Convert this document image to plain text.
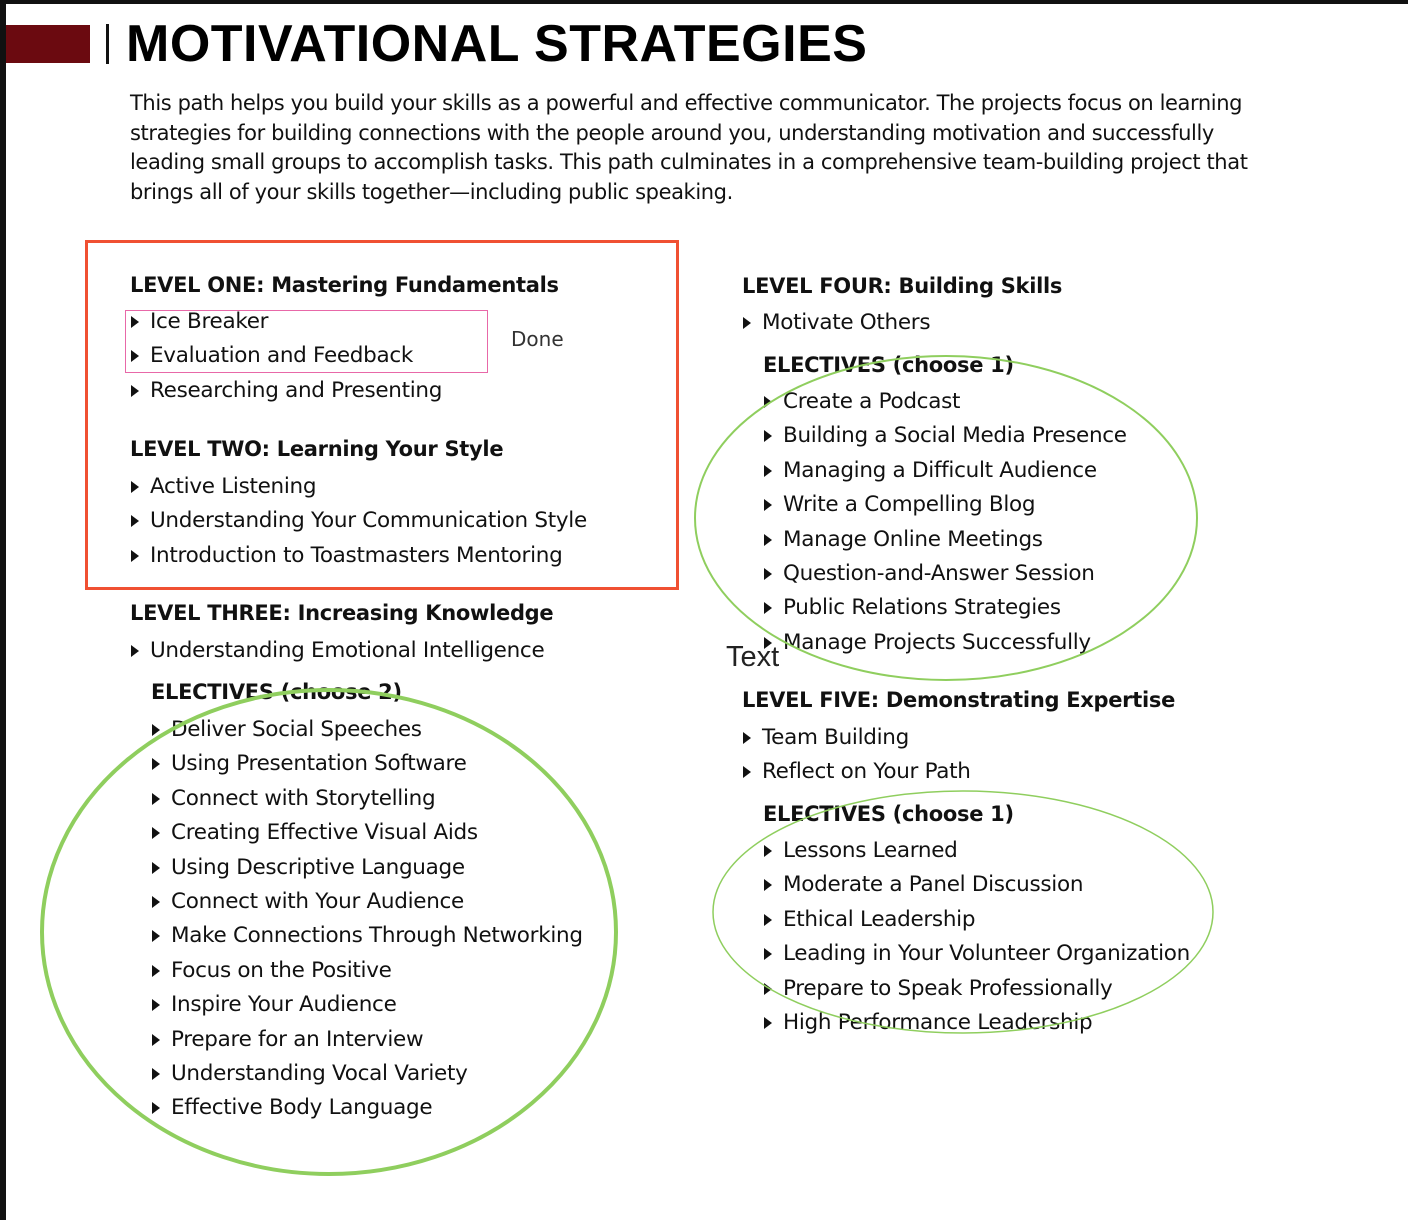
MOTIVATIONAL STRATEGIES

This path helps you build your skills as a powerful and effective communicator. The projects focus on learning strategies for building connections with the people around you, understanding motivation and successfully leading small groups to accomplish tasks. This path culminates in a comprehensive team-building project that brings all of your skills together—including public speaking.

LEVEL ONE: Mastering Fundamentals
Ice Breaker
Evaluation and Feedback
Researching and Presenting
LEVEL TWO: Learning Your Style
Active Listening
Understanding Your Communication Style
Introduction to Toastmasters Mentoring
LEVEL THREE: Increasing Knowledge
Understanding Emotional Intelligence
ELECTIVES (choose 2)
Deliver Social Speeches
Using Presentation Software
Connect with Storytelling
Creating Effective Visual Aids
Using Descriptive Language
Connect with Your Audience
Make Connections Through Networking
Focus on the Positive
Inspire Your Audience
Prepare for an Interview
Understanding Vocal Variety
Effective Body Language
LEVEL FOUR: Building Skills
Motivate Others
ELECTIVES (choose 1)
Create a Podcast
Building a Social Media Presence
Managing a Difficult Audience
Write a Compelling Blog
Manage Online Meetings
Question-and-Answer Session
Public Relations Strategies
Manage Projects Successfully
LEVEL FIVE: Demonstrating Expertise
Team Building
Reflect on Your Path
ELECTIVES (choose 1)
Lessons Learned
Moderate a Panel Discussion
Ethical Leadership
Leading in Your Volunteer Organization
Prepare to Speak Professionally
High Performance Leadership
Done
Text
